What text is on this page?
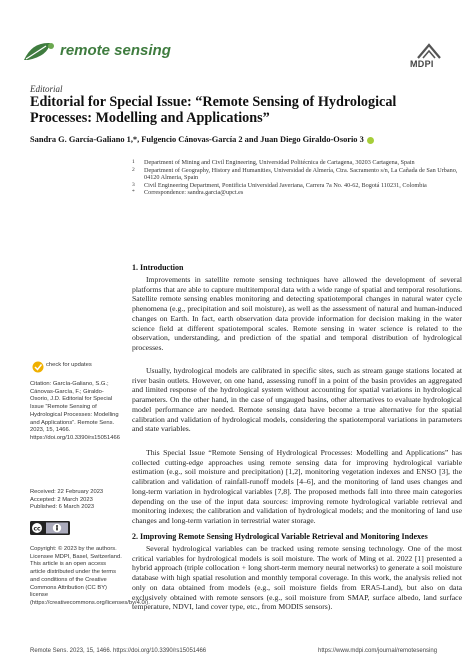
remote sensing
MDPI
Editorial
Editorial for Special Issue: “Remote Sensing of Hydrological Processes: Modelling and Applications”
Sandra G. García-Galiano 1,*, Fulgencio Cánovas-García 2 and Juan Diego Giraldo-Osorio 3
1 Department of Mining and Civil Engineering, Universidad Politécnica de Cartagena, 30203 Cartagena, Spain
2 Department of Geography, History and Humanities, Universidad de Almería, Ctra. Sacramento s/n, La Cañada de San Urbano, 04120 Almeria, Spain
3 Civil Engineering Department, Pontificia Universidad Javeriana, Carrera 7a No. 40-62, Bogotá 110231, Colombia
* Correspondence: sandra.garcia@upct.es
1. Introduction

Improvements in satellite remote sensing techniques have allowed the development of several platforms that are able to capture multitemporal data with a wide range of spatial and temporal resolutions. Satellite remote sensing enables monitoring and detecting spatiotemporal changes in natural water cycle phenomena (e.g., precipitation and soil moisture), as well as the assessment of natural and human-induced changes on Earth. In fact, earth observation data provide information for decision making in the water science field at different spatiotemporal scales. Remote sensing in water science is related to the observation, understanding, and prediction of the spatial and temporal distribution of hydrological processes.

Usually, hydrological models are calibrated in specific sites, such as stream gauge stations located at river basin outlets. However, on one hand, assessing runoff in a point of the basin provides an aggregated and limited response of the hydrological system without accounting for spatial variations in hydrological parameters. On the other hand, in the case of ungauged basins, other alternatives to evaluate hydrological model performance are needed. Remote sensing data have become a true alternative for the spatial calibration and validation of hydrological models, considering the spatiotemporal variations in parameters and state variables.

This Special Issue “Remote Sensing of Hydrological Processes: Modelling and Applications” has collected cutting-edge approaches using remote sensing data for improving hydrological variable estimation (e.g., soil moisture and precipitation) [1,2], monitoring vegetation indexes and ENSO [3], the calibration and validation of rainfall-runoff models [4–6], and the monitoring of land uses changes and long-term variation in hydrological variables [7,8]. The proposed methods fall into three main categories depending on the use of the input data sources: improving remote hydrological variable retrieval and monitoring indexes; the calibration and validation of hydrological models; and the monitoring of land use changes and long-term variation in terrestrial water storage.

2. Improving Remote Sensing Hydrological Variable Retrieval and Monitoring Indexes

Several hydrological variables can be tracked using remote sensing technology. One of the most critical variables for hydrological models is soil moisture. The work of Ming et al. 2022 [1] presented a hybrid approach (triple collocation + long short-term memory neural networks) to generate a soil moisture database with high spatial resolution and monthly temporal coverage. In this work, the analysis relied not only on data obtained from models (e.g., soil moisture fields from ERA5-Land), but also on data exclusively obtained with remote sensors (e.g., soil moisture from SMAP, surface albedo, land surface temperature, NDVI, land cover type, etc., from MODIS sensors).

check for updates
Citation: García-Galiano, S.G.; Cánovas-García, F.; Giraldo-Osorio, J.D. Editorial for Special Issue “Remote Sensing of Hydrological Processes: Modelling and Applications”. Remote Sens. 2023, 15, 1466. https://doi.org/10.3390/rs15051466
Received: 22 February 2023
Accepted: 2 March 2023
Published: 6 March 2023
cc
Copyright: © 2023 by the authors. Licensee MDPI, Basel, Switzerland. This article is an open access article distributed under the terms and conditions of the Creative Commons Attribution (CC BY) license (https://creativecommons.org/licenses/by/4.0/).
Remote Sens. 2023, 15, 1466. https://doi.org/10.3390/rs15051466	https://www.mdpi.com/journal/remotesensing
